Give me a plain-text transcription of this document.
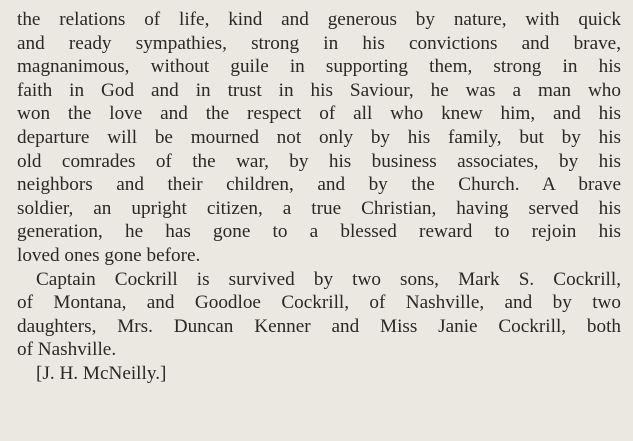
the relations of life, kind and generous by nature, with quick
and ready sympathies, strong in his convictions and brave,
magnanimous, without guile in supporting them, strong in his
faith in God and in trust in his Saviour, he was a man who
won the love and the respect of all who knew him, and his
departure will be mourned not only by his family, but by his
old comrades of the war, by his business associates, by his
neighbors and their children, and by the Church. A brave
soldier, an upright citizen, a true Christian, having served his
generation, he has gone to a blessed reward to rejoin his
loved ones gone before.
Captain Cockrill is survived by two sons, Mark S. Cockrill,
of Montana, and Goodloe Cockrill, of Nashville, and by two
daughters, Mrs. Duncan Kenner and Miss Janie Cockrill, both
of Nashville.

[J. H. McNeilly.]
